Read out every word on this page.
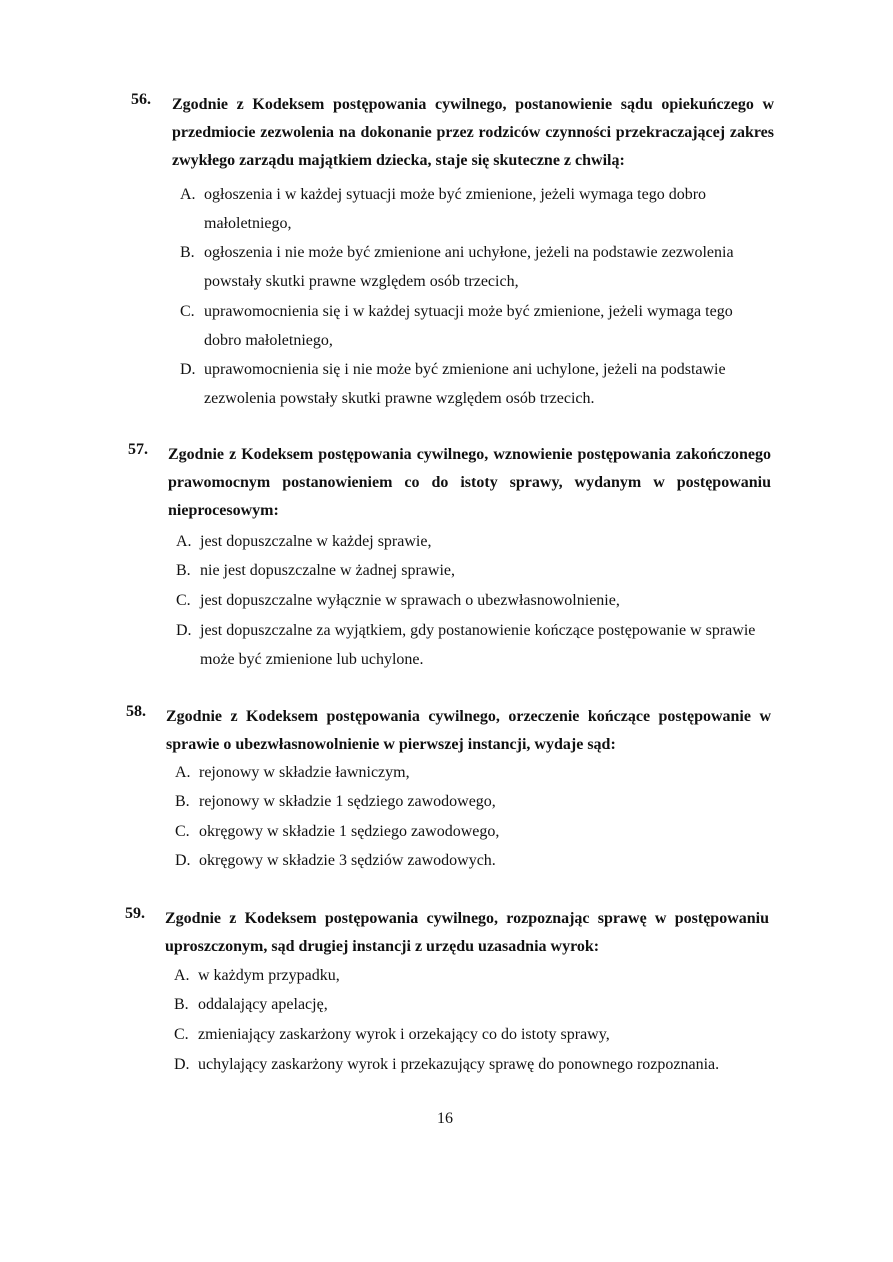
56. Zgodnie z Kodeksem postępowania cywilnego, postanowienie sądu opiekuńczego w przedmiocie zezwolenia na dokonanie przez rodziców czynności przekraczającej zakres zwykłego zarządu majątkiem dziecka, staje się skuteczne z chwilą:
A. ogłoszenia i w każdej sytuacji może być zmienione, jeżeli wymaga tego dobro małoletniego,
B. ogłoszenia i nie może być zmienione ani uchyłone, jeżeli na podstawie zezwolenia powstały skutki prawne względem osób trzecich,
C. uprawomocnienia się i w każdej sytuacji może być zmienione, jeżeli wymaga tego dobro małoletniego,
D. uprawomocnienia się i nie może być zmienione ani uchylone, jeżeli na podstawie zezwolenia powstały skutki prawne względem osób trzecich.
57. Zgodnie z Kodeksem postępowania cywilnego, wznowienie postępowania zakończonego prawomocnym postanowieniem co do istoty sprawy, wydanym w postępowaniu nieprocesowym:
A. jest dopuszczalne w każdej sprawie,
B. nie jest dopuszczalne w żadnej sprawie,
C. jest dopuszczalne wyłącznie w sprawach o ubezwłasnowolnienie,
D. jest dopuszczalne za wyjątkiem, gdy postanowienie kończące postępowanie w sprawie może być zmienione lub uchylone.
58. Zgodnie z Kodeksem postępowania cywilnego, orzeczenie kończące postępowanie w sprawie o ubezwłasnowolnienie w pierwszej instancji, wydaje sąd:
A. rejonowy w składzie ławniczym,
B. rejonowy w składzie 1 sędziego zawodowego,
C. okręgowy w składzie 1 sędziego zawodowego,
D. okręgowy w składzie 3 sędziów zawodowych.
59. Zgodnie z Kodeksem postępowania cywilnego, rozpoznając sprawę w postępowaniu uproszczonym, sąd drugiej instancji z urzędu uzasadnia wyrok:
A. w każdym przypadku,
B. oddalający apelację,
C. zmieniający zaskarżony wyrok i orzekający co do istoty sprawy,
D. uchylający zaskarżony wyrok i przekazujący sprawę do ponownego rozpoznania.
16
